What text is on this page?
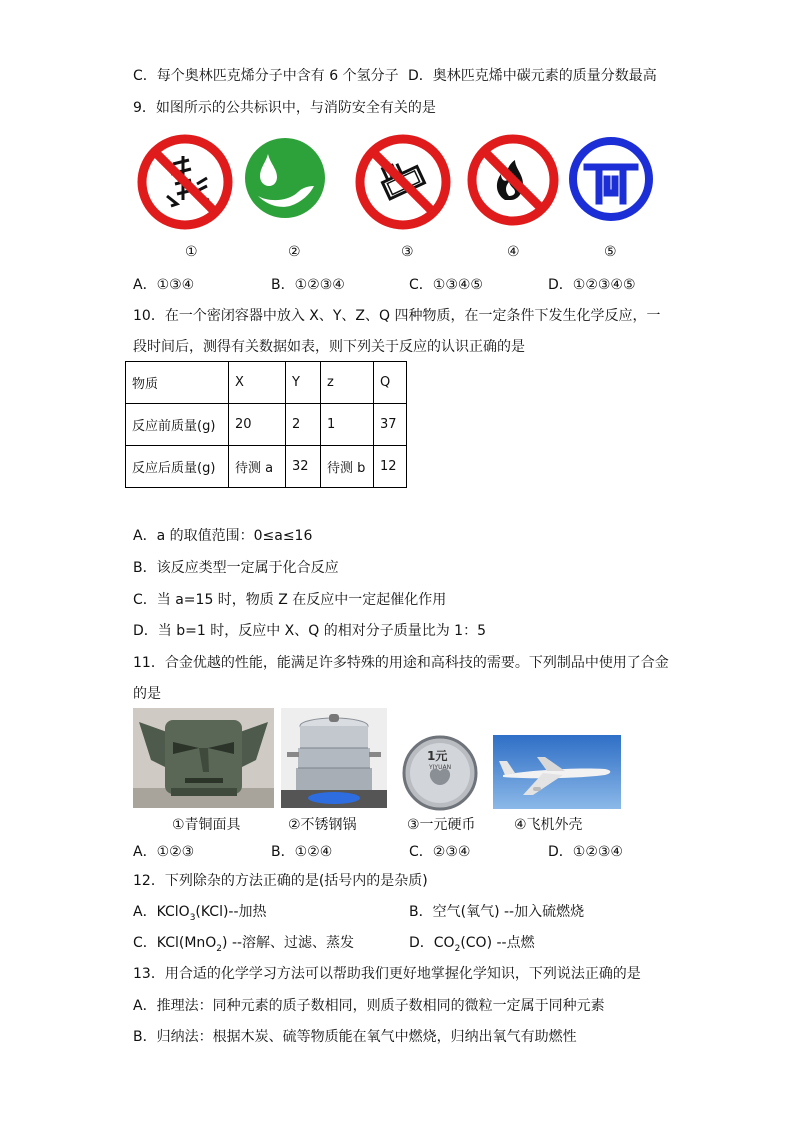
C．每个奥林匹克烯分子中含有 6 个氢分子 D．奥林匹克烯中碳元素的质量分数最高
9．如图所示的公共标识中，与消防安全有关的是
①	②	③	④	⑤
A．①③④	B．①②③④	C．①③④⑤	D．①②③④⑤
10．在一个密闭容器中放入 X、Y、Z、Q 四种物质，在一定条件下发生化学反应，一
段时间后，测得有关数据如表，则下列关于反应的认识正确的是
物质	X	Y	z	Q
反应前质量(g)	20	2	1	37
反应后质量(g)	待测 a	32	待测 b	12
A．a 的取值范围：0≤a≤16
B．该反应类型一定属于化合反应
C．当 a=15 时，物质 Z 在反应中一定起催化作用
D．当 b=1 时，反应中 X、Q 的相对分子质量比为 1：5
11．合金优越的性能，能满足许多特殊的用途和高科技的需要。下列制品中使用了合金
的是
1元
YIYUAN
①青铜面具	②不锈钢锅	③一元硬币	④飞机外壳
A．①②③	B．①②④	C．②③④	D．①②③④
12．下列除杂的方法正确的是(括号内的是杂质)
A．KClO$_3$(KCl)--加热	B．空气(氧气) --加入硫燃烧
C．KCl(MnO$_2$) --溶解、过滤、蒸发	D．$CO_2(CO)$ --点燃
13．用合适的化学学习方法可以帮助我们更好地掌握化学知识，下列说法正确的是
A．推理法：同种元素的质子数相同，则质子数相同的微粒一定属于同种元素
B．归纳法：根据木炭、硫等物质能在氧气中燃烧，归纳出氧气有助燃性
